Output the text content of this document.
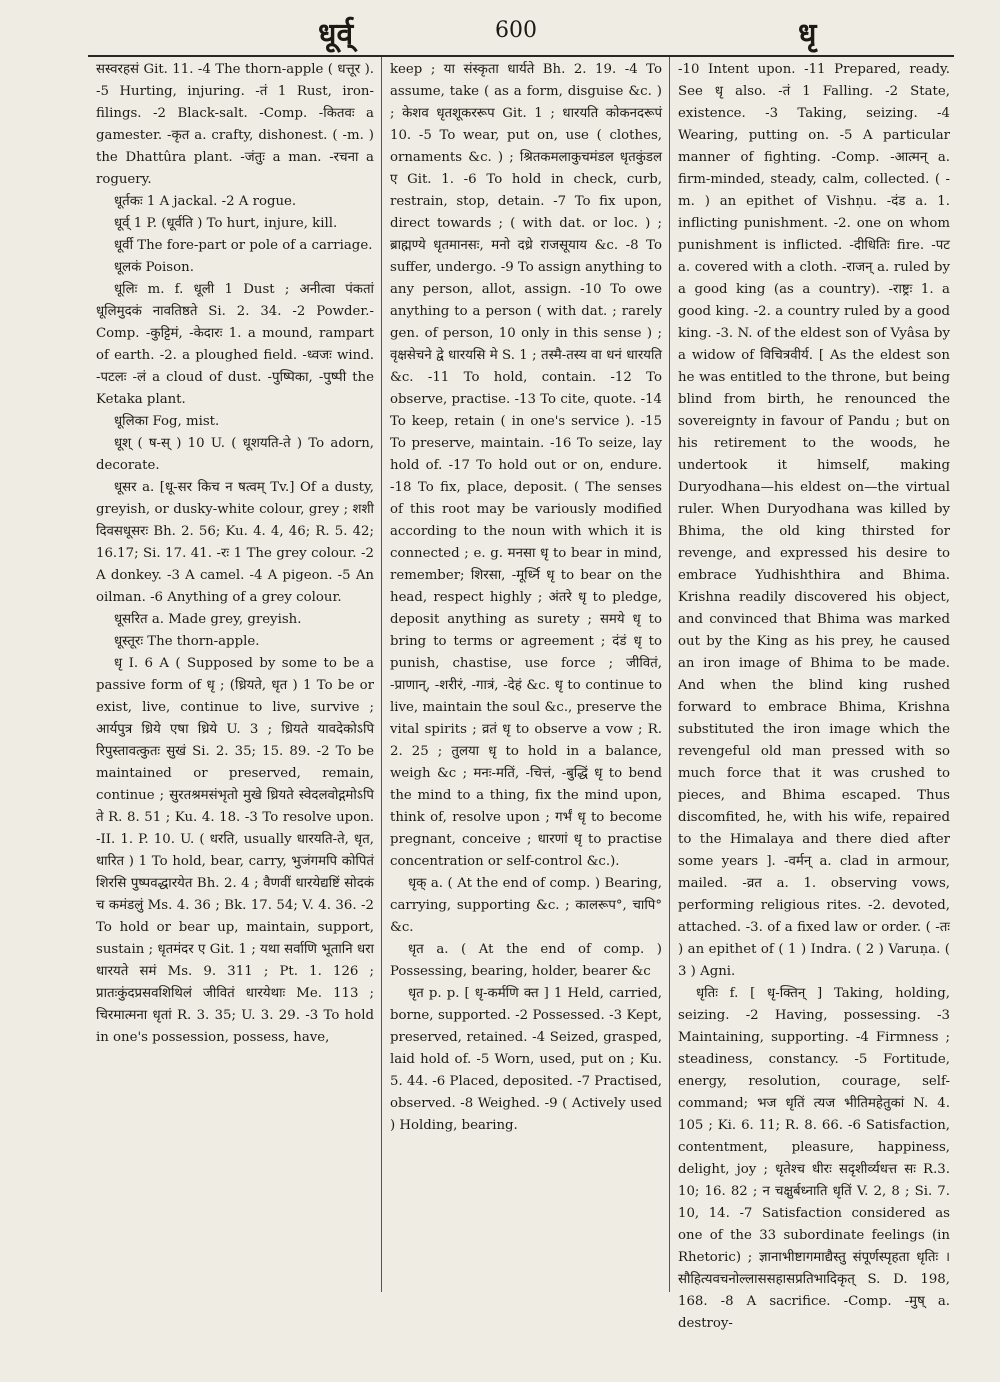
धूर्व्	600	धृ

सस्वरहसं Git. 11. -4 The thorn-apple ( धत्तूर ). -5 Hurting, injuring. -तं 1 Rust, iron-filings. -2 Black-salt. -Comp. -कितवः a gamester. -कृत a. crafty, dishonest. ( -m. ) the Dhattûra plant. -जंतुः a man. -रचना a roguery.

धूर्तकः 1 A jackal. -2 A rogue.

धूर्व् 1 P. (धूर्वति ) To hurt, injure, kill.

धूर्वी The fore-part or pole of a carriage.

धूलकं Poison.

धूलिः m. f. धूली 1 Dust ; अनीत्वा पंकतां धूलिमुदकं नावतिष्ठते Si. 2. 34. -2 Powder.-Comp. -कुट्टिमं, -केदारः 1. a mound, rampart of earth. -2. a ploughed field. -ध्वजः wind. -पटलः -लं a cloud of dust. -पुष्पिका, -पुष्पी the Ketaka plant.

धूलिका Fog, mist.

धूश् ( ष-स् ) 10 U. ( धूशयति-ते ) To adorn, decorate.

धूसर a. [धू-सर किच न षत्वम् Tv.] Of a dusty, greyish, or dusky-white colour, grey ; शशी दिवसधूसरः Bh. 2. 56; Ku. 4. 4, 46; R. 5. 42; 16.17; Si. 17. 41. -रः 1 The grey colour. -2 A donkey. -3 A camel. -4 A pigeon. -5 An oilman. -6 Anything of a grey colour.

धूसरित a. Made grey, greyish.

धूस्तूरः The thorn-apple.

धृ I. 6 A ( Supposed by some to be a passive form of धृ ; (ध्रियते, धृत ) 1 To be or exist, live, continue to live, survive ; आर्यपुत्र ध्रिये एषा ध्रिये U. 3 ; ध्रियते यावदेकोऽपि रिपुस्तावत्कुतः सुखं Si. 2. 35; 15. 89. -2 To be maintained or preserved, remain, continue ; सुरतश्रमसंभृतो मुखे ध्रियते स्वेदलवोद्गमोऽपि ते R. 8. 51 ; Ku. 4. 18. -3 To resolve upon. -II. 1. P. 10. U. ( धरति, usually धारयति-ते, धृत, धारित ) 1 To hold, bear, carry, भुजंगमपि कोपितं शिरसि पुष्पवद्धारयेत Bh. 2. 4 ; वैणवीं धारयेद्यष्टिं सोदकं च कमंडलुं Ms. 4. 36 ; Bk. 17. 54; V. 4. 36. -2 To hold or bear up, maintain, support, sustain ; धृतमंदर ए Git. 1 ; यथा सर्वाणि भूतानि धरा धारयते समं Ms. 9. 311 ; Pt. 1. 126 ; प्रातःकुंदप्रसवशिथिलं जीवितं धारयेथाः Me. 113 ; चिरमात्मना धृतां R. 3. 35; U. 3. 29. -3 To hold in one's possession, possess, have,

keep ; या संस्कृता धार्यते Bh. 2. 19. -4 To assume, take ( as a form, disguise &c. ) ; केशव धृतशूकररूप Git. 1 ; धारयति कोकनदरूपं 10. -5 To wear, put on, use ( clothes, ornaments &c. ) ; श्रितकमलाकुचमंडल धृतकुंडल ए Git. 1. -6 To hold in check, curb, restrain, stop, detain. -7 To fix upon, direct towards ; ( with dat. or loc. ) ; ब्राह्मण्ये धृतमानसः, मनो दध्रे राजसूयाय &c. -8 To suffer, undergo. -9 To assign anything to any person, allot, assign. -10 To owe anything to a person ( with dat. ; rarely gen. of person, 10 only in this sense ) ; वृक्षसेचने द्वे धारयसि मे S. 1 ; तस्मै-तस्य वा धनं धारयति &c. -11 To hold, contain. -12 To observe, practise. -13 To cite, quote. -14 To keep, retain ( in one's service ). -15 To preserve, maintain. -16 To seize, lay hold of. -17 To hold out or on, endure. -18 To fix, place, deposit. ( The senses of this root may be variously modified according to the noun with which it is connected ; e. g. मनसा धृ to bear in mind, remember; शिरसा, -मूर्ध्नि धृ to bear on the head, respect highly ; अंतरे धृ to pledge, deposit anything as surety ; समये धृ to bring to terms or agreement ; दंडं धृ to punish, chastise, use force ; जीवितं, -प्राणान्, -शरीरं, -गात्रं, -देहं &c. धृ to continue to live, maintain the soul &c., preserve the vital spirits ; व्रतं धृ to observe a vow ; R. 2. 25 ; तुलया धृ to hold in a balance, weigh &c ; मनः-मतिं, -चित्तं, -बुद्धिं धृ to bend the mind to a thing, fix the mind upon, think of, resolve upon ; गर्भं धृ to become pregnant, conceive ; धारणां धृ to practise concentration or self-control &c.).

धृक् a. ( At the end of comp. ) Bearing, carrying, supporting &c. ; कालरूप°, चापि° &c.

धृत a. ( At the end of comp. ) Possessing, bearing, holder, bearer &c

धृत p. p. [ धृ-कर्मणि क्त ] 1 Held, carried, borne, supported. -2 Possessed. -3 Kept, preserved, retained. -4 Seized, grasped, laid hold of. -5 Worn, used, put on ; Ku. 5. 44. -6 Placed, deposited. -7 Practised, observed. -8 Weighed. -9 ( Actively used ) Holding, bearing.

-10 Intent upon. -11 Prepared, ready. See धृ also. -तं 1 Falling. -2 State, existence. -3 Taking, seizing. -4 Wearing, putting on. -5 A particular manner of fighting. -Comp. -आत्मन् a. firm-minded, steady, calm, collected. ( -m. ) an epithet of Vishṇu. -दंड a. 1. inflicting punishment. -2. one on whom punishment is inflicted. -दीधितिः fire. -पट a. covered with a cloth. -राजन् a. ruled by a good king (as a country). -राष्ट्रः 1. a good king. -2. a country ruled by a good king. -3. N. of the eldest son of Vyâsa by a widow of विचित्रवीर्य. [ As the eldest son he was entitled to the throne, but being blind from birth, he renounced the sovereignty in favour of Pandu ; but on his retirement to the woods, he undertook it himself, making Duryodhana—his eldest on—the virtual ruler. When Duryodhana was killed by Bhima, the old king thirsted for revenge, and expressed his desire to embrace Yudhishthira and Bhima. Krishna readily discovered his object, and convinced that Bhima was marked out by the King as his prey, he caused an iron image of Bhima to be made. And when the blind king rushed forward to embrace Bhima, Krishna substituted the iron image which the revengeful old man pressed with so much force that it was crushed to pieces, and Bhima escaped. Thus discomfited, he, with his wife, repaired to the Himalaya and there died after some years ]. -वर्मन् a. clad in armour, mailed. -व्रत a. 1. observing vows, performing religious rites. -2. devoted, attached. -3. of a fixed law or order. ( -तः ) an epithet of ( 1 ) Indra. ( 2 ) Varuṇa. ( 3 ) Agni.

धृतिः f. [ धृ-क्तिन् ] Taking, holding, seizing. -2 Having, possessing. -3 Maintaining, supporting. -4 Firmness ; steadiness, constancy. -5 Fortitude, energy, resolution, courage, self-command; भज धृतिं त्यज भीतिमहेतुकां N. 4. 105 ; Ki. 6. 11; R. 8. 66. -6 Satisfaction, contentment, pleasure, happiness, delight, joy ; धृतेश्च धीरः सदृशीर्व्यधत्त सः R.3. 10; 16. 82 ; न चक्षुर्बध्नाति धृतिं V. 2, 8 ; Si. 7. 10, 14. -7 Satisfaction considered as one of the 33 subordinate feelings (in Rhetoric) ; ज्ञानाभीष्टागमाद्यैस्तु संपूर्णस्पृहता धृतिः । सौहित्यवचनोल्लाससहासप्रतिभादिकृत् S. D. 198, 168. -8 A sacrifice. -Comp. -मुष् a. destroy-
